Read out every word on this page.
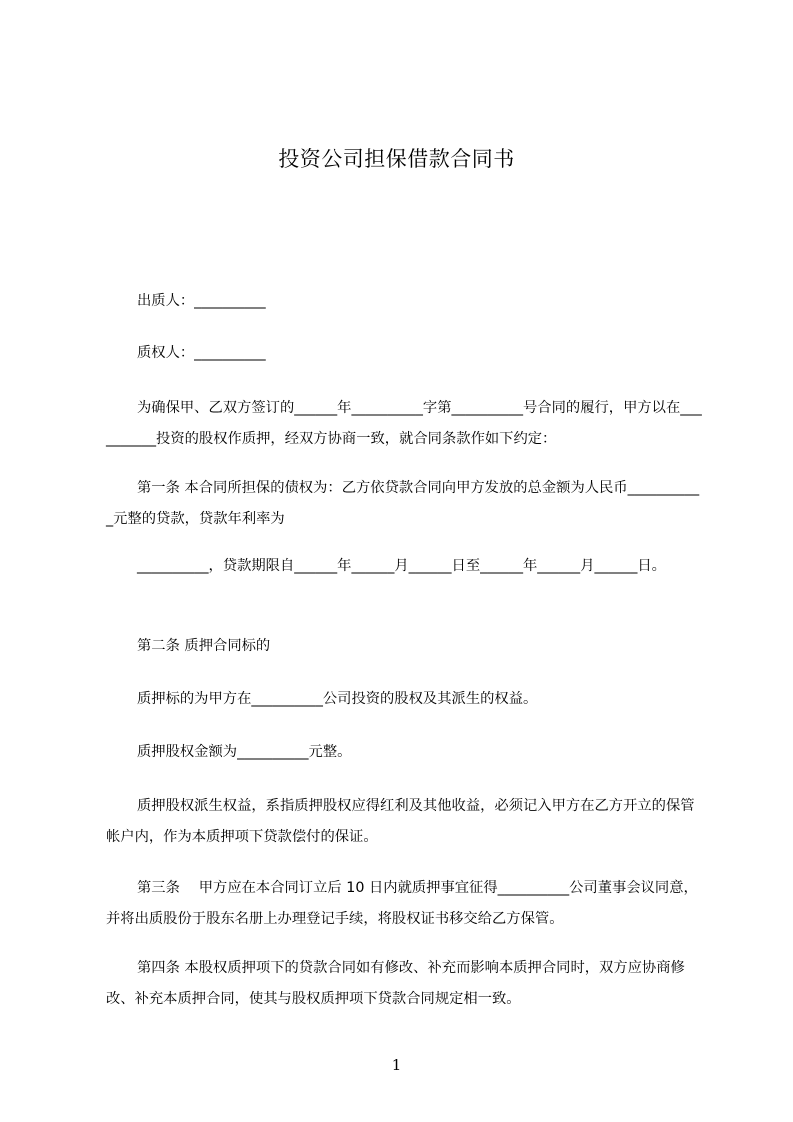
投资公司担保借款合同书
出质人：__________
质权人：__________
为确保甲、乙双方签订的______年__________字第__________号合同的履行，甲方以在__________投资的股权作质押，经双方协商一致，就合同条款作如下约定：
第一条 本合同所担保的债权为：乙方依贷款合同向甲方发放的总金额为人民币___________元整的贷款，贷款年利率为
__________，贷款期限自______年______月______日至______年______月______日。
第二条 质押合同标的
质押标的为甲方在__________公司投资的股权及其派生的权益。
质押股权金额为__________元整。
质押股权派生权益，系指质押股权应得红利及其他收益，必须记入甲方在乙方开立的保管帐户内，作为本质押项下贷款偿付的保证。
第三条　 甲方应在本合同订立后 10 日内就质押事宜征得__________公司董事会议同意，并将出质股份于股东名册上办理登记手续，将股权证书移交给乙方保管。
第四条 本股权质押项下的贷款合同如有修改、补充而影响本质押合同时，双方应协商修改、补充本质押合同，使其与股权质押项下贷款合同规定相一致。
1
